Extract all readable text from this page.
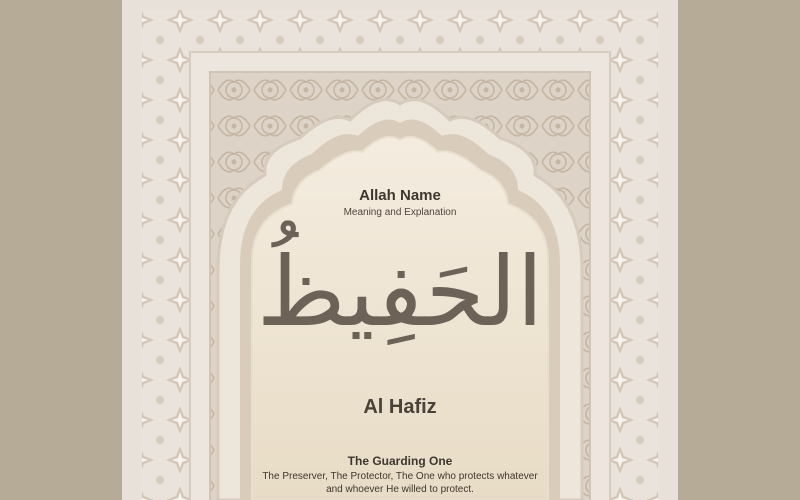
Allah Name
Meaning and Explanation
الحَفِيظُ
Al Hafiz
The Guarding One
The Preserver, The Protector, The One who protects whatever and whoever He willed to protect.
